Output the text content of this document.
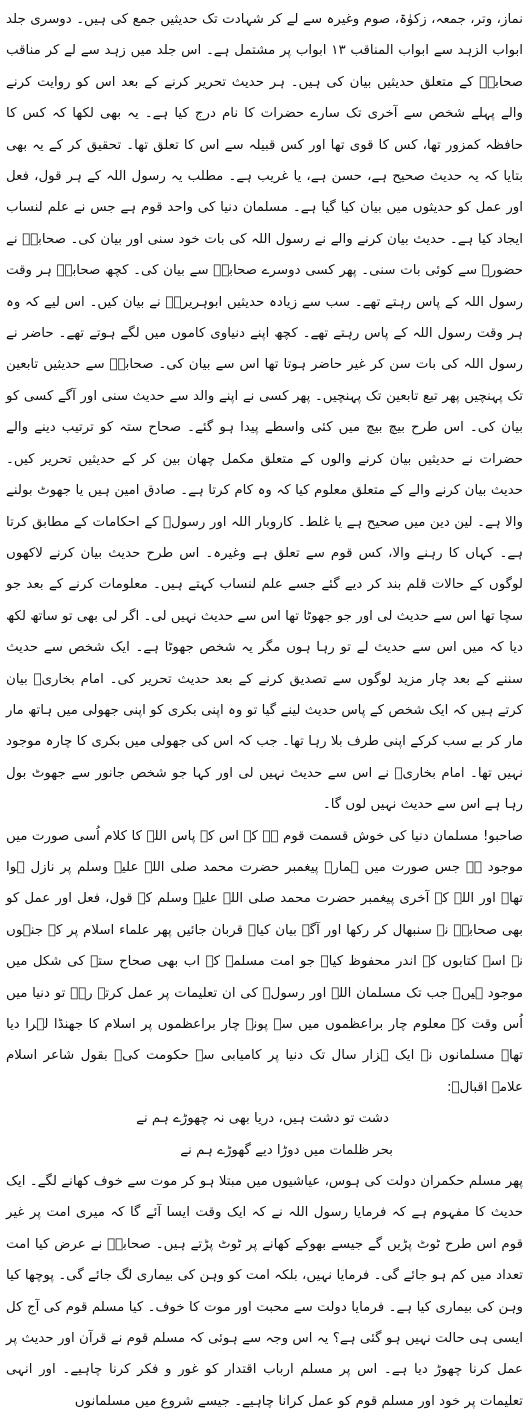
نماز، وتر، جمعہ، زکوٰۃ، صوم وغیرہ سے لے کر شہادت تک حدیثیں جمع کی ہیں۔ دوسری جلد ابواب الزہد سے ابواب المناقب ۱۳ ابواب پر مشتمل ہے۔ اس جلد میں زہد سے لے کر مناقب صحابہؓ کے متعلق حدیثیں بیان کی ہیں۔ ہر حدیث تحریر کرنے کے بعد اس کو روایت کرنے والے پہلے شخص سے آخری تک سارے حضرات کا نام درج کیا ہے۔ یہ بھی لکھا کہ کس کا حافظہ کمزور تھا، کس کا قوی تھا اور کس قبیلہ سے اس کا تعلق تھا۔ تحقیق کر کے یہ بھی بتایا کہ یہ حدیث صحیح ہے، حسن ہے، یا غریب ہے۔ مطلب یہ رسول اللہ کے ہر قول، فعل اور عمل کو حدیثوں میں بیان کیا گیا ہے۔ مسلمان دنیا کی واحد قوم ہے جس نے علم لنساب ایجاد کیا ہے۔ حدیث بیان کرنے والے نے رسول اللہ کی بات خود سنی اور بیان کی۔ صحابہؓ نے حضورؐ سے کوئی بات سنی۔ پھر کسی دوسرے صحابہؓ سے بیان کی۔ کچھ صحابہؓ ہر وقت رسول اللہ کے پاس رہتے تھے۔ سب سے زیادہ حدیثیں ابوہریرہؓ نے بیان کیں۔ اس لیے کہ وہ ہر وقت رسول اللہ کے پاس رہتے تھے۔ کچھ اپنے دنیاوی کاموں میں لگے ہوتے تھے۔ حاضر نے رسول اللہ کی بات سن کر غیر حاضر ہوتا تھا اس سے بیان کی۔ صحابہؓ سے حدیثیں تابعین تک پہنچیں پھر تبع تابعین تک پہنچیں۔ پھر کسی نے اپنے والد سے حدیث سنی اور آگے کسی کو بیان کی۔ اس طرح بیچ بیچ میں کئی واسطے پیدا ہو گئے۔ صحاح ستہ کو ترتیب دینے والے حضرات نے حدیثیں بیان کرنے والوں کے متعلق مکمل چھان بین کر کے حدیثیں تحریر کیں۔ حدیث بیان کرنے والے کے متعلق معلوم کیا کہ وہ کام کرتا ہے۔ صادق امین ہیں یا جھوٹ بولنے والا ہے۔ لین دین میں صحیح ہے یا غلط۔ کاروبار اللہ اور رسولؐ کے احکامات کے مطابق کرتا ہے۔ کہاں کا رہنے والا، کس قوم سے تعلق ہے وغیرہ۔ اس طرح حدیث بیان کرنے لاکھوں لوگوں کے حالات قلم بند کر دیے گئے جسے علم لنساب کہتے ہیں۔ معلومات کرنے کے بعد جو سچا تھا اس سے حدیث لی اور جو جھوٹا تھا اس سے حدیث نہیں لی۔ اگر لی بھی تو ساتھ لکھ دیا کہ میں اس سے حدیث لے تو رہا ہوں مگر یہ شخص جھوٹا ہے۔ ایک شخص سے حدیث سننے کے بعد چار مزید لوگوں سے تصدیق کرنے کے بعد حدیث تحریر کی۔ امام بخاریؒ بیان کرتے ہیں کہ ایک شخص کے پاس حدیث لینے گیا تو وہ اپنی بکری کو اپنی جھولی میں ہاتھ مار مار کر بے سب کرکے اپنی طرف بلا رہا تھا۔ جب کہ اس کی جھولی میں بکری کا چارہ موجود نہیں تھا۔ امام بخاریؒ نے اس سے حدیث نہیں لی اور کہا جو شخص جانور سے جھوٹ بول رہا ہے اس سے حدیث نہیں لوں گا۔

صاحبو! مسلمان دنیا کی خوش قسمت قوم ہے کہ اس کے پاس اللہ کا کلام اُسی صورت میں موجود ہے جس صورت میں ہمارے پیغمبر حضرت محمد صلی اللہ علیہ وسلم پر نازل ہوا تھا۔ اور اللہ کے آخری پیغمبر حضرت محمد صلی اللہ علیہ وسلم کے قول، فعل اور عمل کو بھی صحابہؓ نے سنبھال کر رکھا اور آگے بیان کیا۔ قربان جائیں پھر علماء اسلام پر کہ جنہوں نے اسے کتابوں کے اندر محفوظ کیا۔ جو امت مسلمہ کے اب بھی صحاح ستہ کی شکل میں موجود ہیں۔ جب تک مسلمان اللہ اور رسولؐ کی ان تعلیمات پر عمل کرتے رہے تو دنیا میں اُس وقت کے معلوم چار براعظموں میں سے پونے چار براعظموں پر اسلام کا جھنڈا لہرا دیا تھا۔ مسلمانوں نے ایک ہزار سال تک دنیا پر کامیابی سے حکومت کی۔ بقول شاعر اسلام علامہ اقبالؒ:

دشت تو دشت ہیں، دریا بھی نہ چھوڑے ہم نے
بحر ظلمات میں دوڑا دیے گھوڑے ہم نے

پھر مسلم حکمران دولت کی ہوس، عیاشیوں میں مبتلا ہو کر موت سے خوف کھانے لگے۔ ایک حدیث کا مفہوم ہے کہ فرمایا رسول اللہ نے کہ ایک وقت ایسا آئے گا کہ میری امت پر غیر قوم اس طرح ٹوٹ پڑیں گے جیسے بھوکے کھانے پر ٹوٹ پڑتے ہیں۔ صحابہؓ نے عرض کیا امت تعداد میں کم ہو جائے گی۔ فرمایا نہیں، بلکہ امت کو وہن کی بیماری لگ جائے گی۔ پوچھا کیا وہن کی بیماری کیا ہے۔ فرمایا دولت سے محبت اور موت کا خوف۔ کیا مسلم قوم کی آج کل ایسی ہی حالت نہیں ہو گئی ہے؟ یہ اس وجہ سے ہوئی کہ مسلم قوم نے قرآن اور حدیث پر عمل کرنا چھوڑ دیا ہے۔ اس پر مسلم ارباب اقتدار کو غور و فکر کرنا چاہیے۔ اور انہی تعلیمات پر خود اور مسلم قوم کو عمل کرانا چاہیے۔ جیسے شروع میں مسلمانوں
